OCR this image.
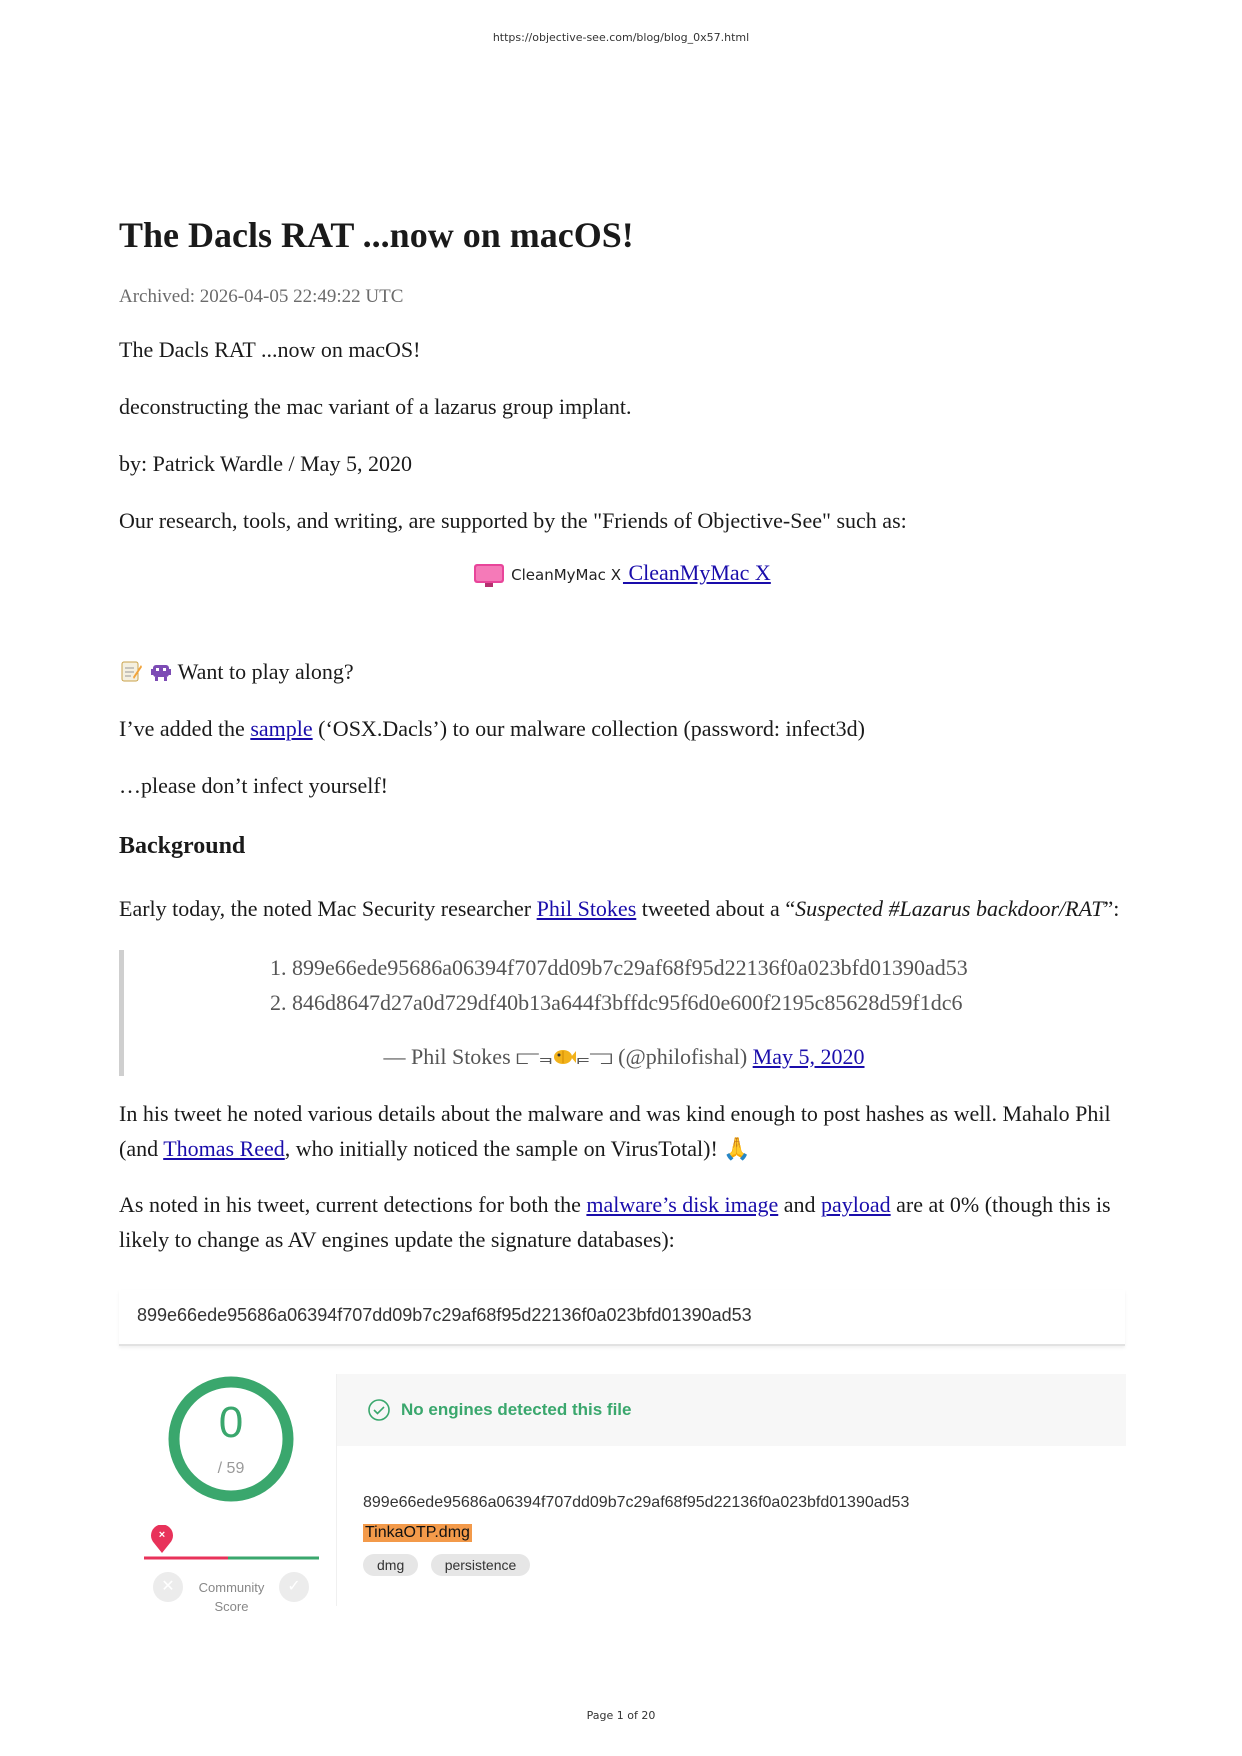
https://objective-see.com/blog/blog_0x57.html
The Dacls RAT ...now on macOS!
Archived: 2026-04-05 22:49:22 UTC
The Dacls RAT ...now on macOS!
deconstructing the mac variant of a lazarus group implant.
by: Patrick Wardle / May 5, 2020
Our research, tools, and writing, are supported by the "Friends of Objective-See" such as:
CleanMyMac X CleanMyMac X
Want to play along?
I’ve added the sample (‘OSX.Dacls’) to our malware collection (password: infect3d)
…please don’t infect yourself!
Background
Early today, the noted Mac Security researcher Phil Stokes tweeted about a “Suspected #Lazarus backdoor/RAT”:
1. 899e66ede95686a06394f707dd09b7c29af68f95d22136f0a023bfd01390ad53
2. 846d8647d27a0d729df40b13a644f3bffdc95f6d0e600f2195c85628d59f1dc6
— Phil Stokes ⫍⫬ ⫭⫎ (@philofishal) May 5, 2020
In his tweet he noted various details about the malware and was kind enough to post hashes as well. Mahalo Phil (and Thomas Reed, who initially noticed the sample on VirusTotal)! 🙏
As noted in his tweet, current detections for both the malware’s disk image and payload are at 0% (though this is likely to change as AV engines update the signature databases):
899e66ede95686a06394f707dd09b7c29af68f95d22136f0a023bfd01390ad53
0
/ 59
×
✕	✓
Community
Score
No engines detected this file
899e66ede95686a06394f707dd09b7c29af68f95d22136f0a023bfd01390ad53
TinkaOTP.dmg
dmg	persistence
Page 1 of 20
